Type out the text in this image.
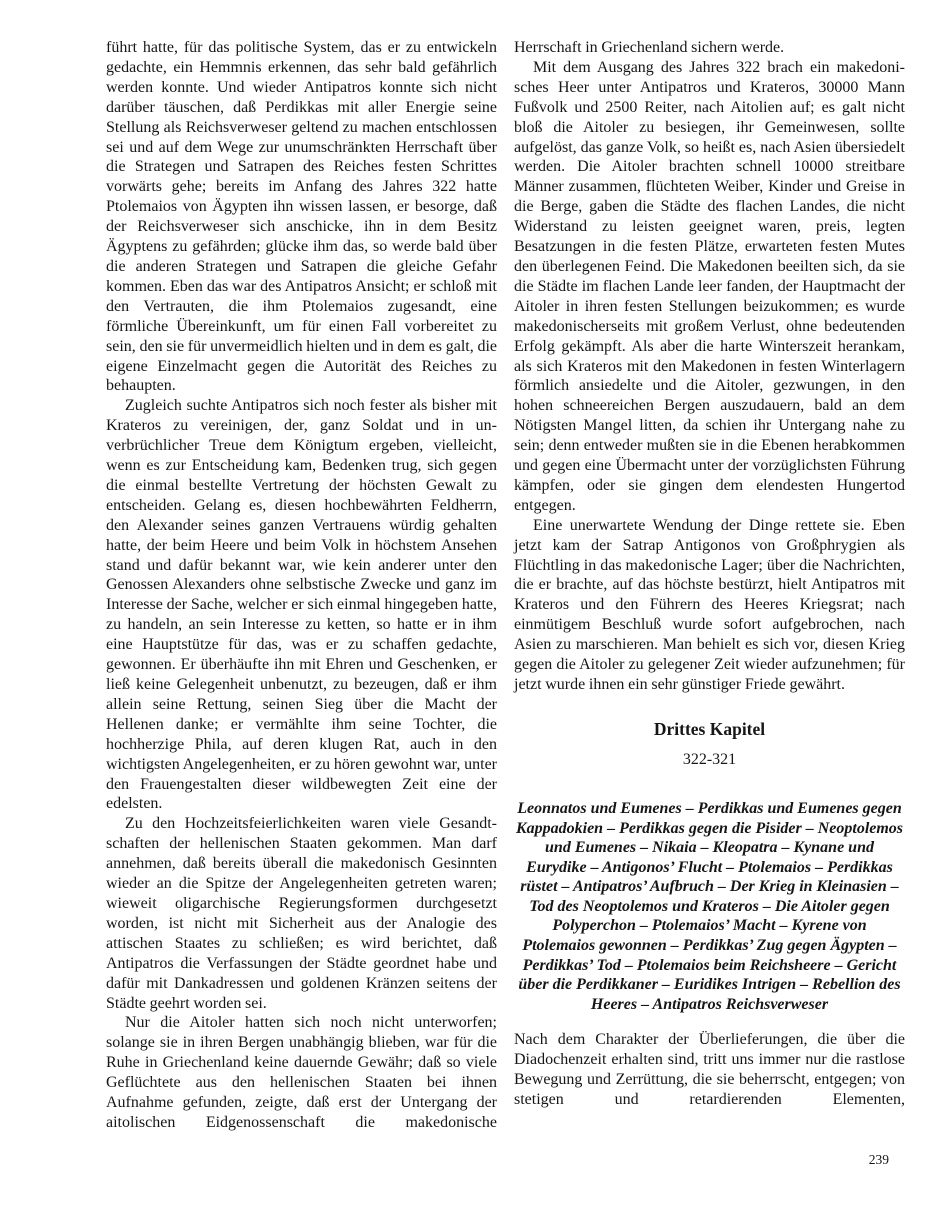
führt hatte, für das politische System, das er zu entwickeln gedachte, ein Hemmnis erkennen, das sehr bald gefährlich werden konnte. Und wieder Antipatros konnte sich nicht darüber täuschen, daß Perdikkas mit aller Energie seine Stellung als Reichsverweser geltend zu machen entschlossen sei und auf dem Wege zur unumschränkten Herrschaft über die Strategen und Satrapen des Reiches festen Schrittes vorwärts gehe; bereits im Anfang des Jahres 322 hatte Ptolemaios von Ägypten ihn wissen lassen, er besorge, daß der Reichsverweser sich anschicke, ihn in dem Besitz Ägyptens zu gefährden; glücke ihm das, so werde bald über die anderen Strategen und Satrapen die gleiche Gefahr kommen. Eben das war des Antipatros Ansicht; er schloß mit den Vertrauten, die ihm Ptolemaios zugesandt, eine förmliche Übereinkunft, um für einen Fall vorbereitet zu sein, den sie für unvermeidlich hielten und in dem es galt, die eigene Einzelmacht gegen die Autorität des Reiches zu behaupten.

Zugleich suchte Antipatros sich noch fester als bisher mit Krateros zu vereinigen, der, ganz Soldat und in unverbrüchlicher Treue dem Königtum ergeben, vielleicht, wenn es zur Entscheidung kam, Bedenken trug, sich gegen die einmal bestellte Vertretung der höchsten Gewalt zu entscheiden. Gelang es, diesen hochbewährten Feldherrn, den Alexander seines ganzen Vertrauens würdig gehalten hatte, der beim Heere und beim Volk in höchstem Ansehen stand und dafür bekannt war, wie kein anderer unter den Genossen Alexanders ohne selbstische Zwecke und ganz im Interesse der Sache, welcher er sich einmal hingegeben hatte, zu handeln, an sein Interesse zu ketten, so hatte er in ihm eine Hauptstütze für das, was er zu schaffen gedachte, gewonnen. Er überhäufte ihn mit Ehren und Geschenken, er ließ keine Gelegenheit unbenutzt, zu bezeugen, daß er ihm allein seine Rettung, seinen Sieg über die Macht der Hellenen danke; er vermählte ihm seine Tochter, die hochherzige Phila, auf deren klugen Rat, auch in den wichtigsten Angelegenheiten, er zu hören gewohnt war, unter den Frauengestalten dieser wildbewegten Zeit eine der edelsten.

Zu den Hochzeitsfeierlichkeiten waren viele Gesandtschaften der hellenischen Staaten gekommen. Man darf annehmen, daß bereits überall die makedonisch Gesinnten wieder an die Spitze der Angelegenheiten getreten waren; wieweit oligarchische Regierungsformen durchgesetzt worden, ist nicht mit Sicherheit aus der Analogie des attischen Staates zu schließen; es wird berichtet, daß Antipatros die Verfassungen der Städte geordnet habe und dafür mit Dankadressen und goldenen Kränzen seitens der Städte geehrt worden sei.

Nur die Aitoler hatten sich noch nicht unterworfen; solange sie in ihren Bergen unabhängig blieben, war für die Ruhe in Griechenland keine dauernde Gewähr; daß so viele Geflüchtete aus den hellenischen Staaten bei ihnen Aufnahme gefunden, zeigte, daß erst der Untergang der aitolischen Eidgenossenschaft die makedonische

Herrschaft in Griechenland sichern werde.

Mit dem Ausgang des Jahres 322 brach ein makedonisches Heer unter Antipatros und Krateros, 30000 Mann Fußvolk und 2500 Reiter, nach Aitolien auf; es galt nicht bloß die Aitoler zu besiegen, ihr Gemeinwesen, sollte aufgelöst, das ganze Volk, so heißt es, nach Asien übersiedelt werden. Die Aitoler brachten schnell 10000 streitbare Männer zusammen, flüchteten Weiber, Kinder und Greise in die Berge, gaben die Städte des flachen Landes, die nicht Widerstand zu leisten geeignet waren, preis, legten Besatzungen in die festen Plätze, erwarteten festen Mutes den überlegenen Feind. Die Makedonen beeilten sich, da sie die Städte im flachen Lande leer fanden, der Hauptmacht der Aitoler in ihren festen Stellungen beizukommen; es wurde makedonischerseits mit großem Verlust, ohne bedeutenden Erfolg gekämpft. Als aber die harte Winterszeit herankam, als sich Krateros mit den Makedonen in festen Winterlagern förmlich ansiedelte und die Aitoler, gezwungen, in den hohen schneereichen Bergen auszudauern, bald an dem Nötigsten Mangel litten, da schien ihr Untergang nahe zu sein; denn entweder mußten sie in die Ebenen herabkommen und gegen eine Übermacht unter der vorzüglichsten Führung kämpfen, oder sie gingen dem elendesten Hungertod entgegen.

Eine unerwartete Wendung der Dinge rettete sie. Eben jetzt kam der Satrap Antigonos von Großphrygien als Flüchtling in das makedonische Lager; über die Nachrichten, die er brachte, auf das höchste bestürzt, hielt Antipatros mit Krateros und den Führern des Heeres Kriegsrat; nach einmütigem Beschluß wurde sofort aufgebrochen, nach Asien zu marschieren. Man behielt es sich vor, diesen Krieg gegen die Aitoler zu gelegener Zeit wieder aufzunehmen; für jetzt wurde ihnen ein sehr günstiger Friede gewährt.

Drittes Kapitel
322-321
Leonnatos und Eumenes – Perdikkas und Eumenes gegen Kappadokien – Perdikkas gegen die Pisider – Neoptolemos und Eumenes – Nikaia – Kleopatra – Kynane und Eurydike – Antigonos’ Flucht – Ptolemaios – Perdikkas rüstet – Antipatros’ Aufbruch – Der Krieg in Kleinasien – Tod des Neoptolemos und Krateros – Die Aitoler gegen Polyperchon – Ptolemaios’ Macht – Kyrene von Ptolemaios gewonnen – Perdikkas’ Zug gegen Ägypten – Perdikkas’ Tod – Ptolemaios beim Reichsheere – Gericht über die Perdikkaner – Euridikes Intrigen – Rebellion des Heeres – Antipatros Reichsverweser

Nach dem Charakter der Überlieferungen, die über die Diadochenzeit erhalten sind, tritt uns immer nur die rastlose Bewegung und Zerrüttung, die sie beherrscht, entgegen; von stetigen und retardierenden Elementen,

239
